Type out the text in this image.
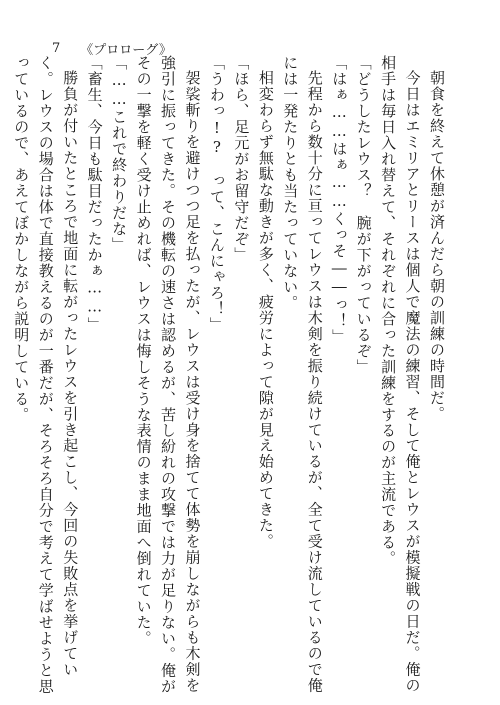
7 《プロローグ》

朝食を終えて休憩が済んだら朝の訓練の時間だ。

今日はエミリアとリースは個人で魔法の練習、そして俺とレウスが模擬戦の日だ。俺の相手は毎日入れ替えて、それぞれに合った訓練をするのが主流である。

「どうしたレウス？　腕が下がっているぞ」

「はぁ……はぁ……くっそ――っ！」

先程から数十分に亘ってレウスは木剣を振り続けているが、全て受け流しているので俺には一発たりとも当たっていない。

相変わらず無駄な動きが多く、疲労によって隙が見え始めてきた。

「ほら、足元がお留守だぞ」

「うわっ!?　って、こんにゃろ！」

袈裟斬りを避けつつ足を払ったが、レウスは受け身を捨てて体勢を崩しながらも木剣を強引に振ってきた。その機転の速さは認めるが、苦し紛れの攻撃では力が足りない。俺がその一撃を軽く受け止めれば、レウスは悔しそうな表情のまま地面へ倒れていた。

「……これで終わりだな」

「畜生、今日も駄目だったかぁ……」

勝負が付いたところで地面に転がったレウスを引き起こし、今回の失敗点を挙げていく。レウスの場合は体で直接教えるのが一番だが、そろそろ自分で考えて学ばせようと思っているので、あえてぼかしながら説明している。
